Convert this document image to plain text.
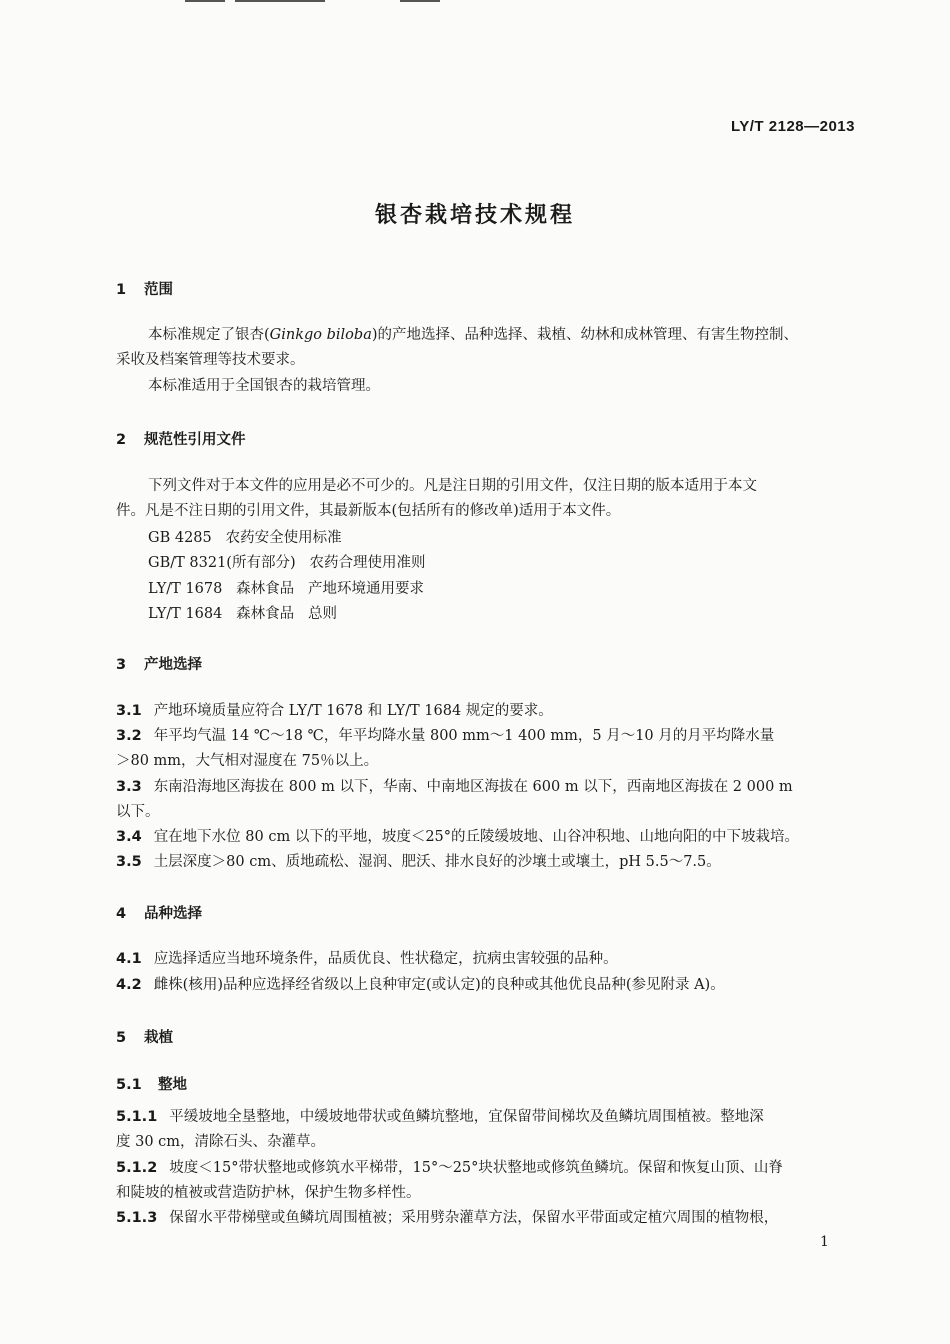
LY/T 2128—2013
银杏栽培技术规程
1 范围
本标准规定了银杏(Ginkgo biloba)的产地选择、品种选择、栽植、幼林和成林管理、有害生物控制、
采收及档案管理等技术要求。
本标准适用于全国银杏的栽培管理。
2 规范性引用文件
下列文件对于本文件的应用是必不可少的。凡是注日期的引用文件，仅注日期的版本适用于本文
件。凡是不注日期的引用文件，其最新版本(包括所有的修改单)适用于本文件。
GB 4285   农药安全使用标准
GB/T 8321(所有部分)   农药合理使用准则
LY/T 1678   森林食品   产地环境通用要求
LY/T 1684   森林食品   总则
3 产地选择
3.1 产地环境质量应符合 LY/T 1678 和 LY/T 1684 规定的要求。
3.2 年平均气温 14 ℃～18 ℃，年平均降水量 800 mm～1 400 mm，5 月～10 月的月平均降水量
＞80 mm，大气相对湿度在 75％以上。
3.3 东南沿海地区海拔在 800 m 以下，华南、中南地区海拔在 600 m 以下，西南地区海拔在 2 000 m
以下。
3.4 宜在地下水位 80 cm 以下的平地，坡度＜25°的丘陵缓坡地、山谷冲积地、山地向阳的中下坡栽培。
3.5 土层深度＞80 cm、质地疏松、湿润、肥沃、排水良好的沙壤土或壤土，pH 5.5～7.5。
4 品种选择
4.1 应选择适应当地环境条件，品质优良、性状稳定，抗病虫害较强的品种。
4.2 雌株(核用)品种应选择经省级以上良种审定(或认定)的良种或其他优良品种(参见附录 A)。
5 栽植
5.1 整地
5.1.1 平缓坡地全垦整地，中缓坡地带状或鱼鳞坑整地，宜保留带间梯坎及鱼鳞坑周围植被。整地深
度 30 cm，清除石头、杂灌草。
5.1.2 坡度＜15°带状整地或修筑水平梯带，15°～25°块状整地或修筑鱼鳞坑。保留和恢复山顶、山脊
和陡坡的植被或营造防护林，保护生物多样性。
5.1.3 保留水平带梯壁或鱼鳞坑周围植被；采用劈杂灌草方法，保留水平带面或定植穴周围的植物根，
1
